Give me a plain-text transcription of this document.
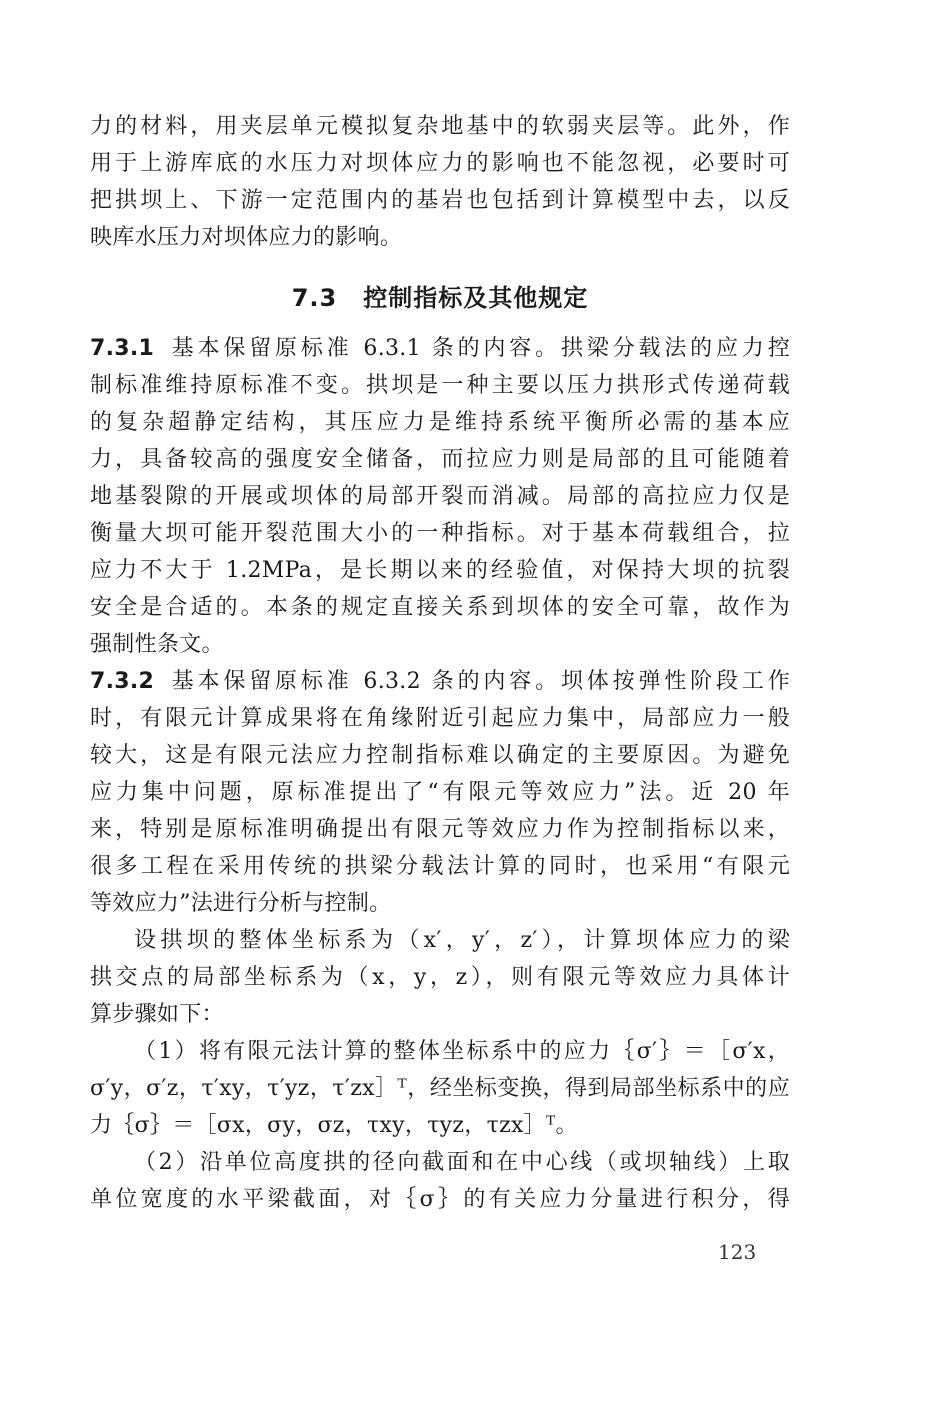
力的材料，用夹层单元模拟复杂地基中的软弱夹层等。此外，作
用于上游库底的水压力对坝体应力的影响也不能忽视，必要时可
把拱坝上、下游一定范围内的基岩也包括到计算模型中去，以反
映库水压力对坝体应力的影响。
7.3 控制指标及其他规定
7.3.1 基本保留原标准 6.3.1 条的内容。拱梁分载法的应力控
制标准维持原标准不变。拱坝是一种主要以压力拱形式传递荷载
的复杂超静定结构，其压应力是维持系统平衡所必需的基本应
力，具备较高的强度安全储备，而拉应力则是局部的且可能随着
地基裂隙的开展或坝体的局部开裂而消减。局部的高拉应力仅是
衡量大坝可能开裂范围大小的一种指标。对于基本荷载组合，拉
应力不大于 1.2MPa，是长期以来的经验值，对保持大坝的抗裂
安全是合适的。本条的规定直接关系到坝体的安全可靠，故作为
强制性条文。
7.3.2 基本保留原标准 6.3.2 条的内容。坝体按弹性阶段工作
时，有限元计算成果将在角缘附近引起应力集中，局部应力一般
较大，这是有限元法应力控制指标难以确定的主要原因。为避免
应力集中问题，原标准提出了“有限元等效应力”法。近 20 年
来，特别是原标准明确提出有限元等效应力作为控制指标以来，
很多工程在采用传统的拱梁分载法计算的同时，也采用“有限元
等效应力”法进行分析与控制。
设拱坝的整体坐标系为（x′，y′，z′），计算坝体应力的梁
拱交点的局部坐标系为（x，y，z），则有限元等效应力具体计
算步骤如下：
（1）将有限元法计算的整体坐标系中的应力｛σ′｝＝［σ′x，
σ′y，σ′z，τ′xy，τ′yz，τ′zx］ᵀ，经坐标变换，得到局部坐标系中的应
力｛σ｝＝［σx，σy，σz，τxy，τyz，τzx］ᵀ。
（2）沿单位高度拱的径向截面和在中心线（或坝轴线）上取
单位宽度的水平梁截面，对｛σ｝的有关应力分量进行积分，得
123
